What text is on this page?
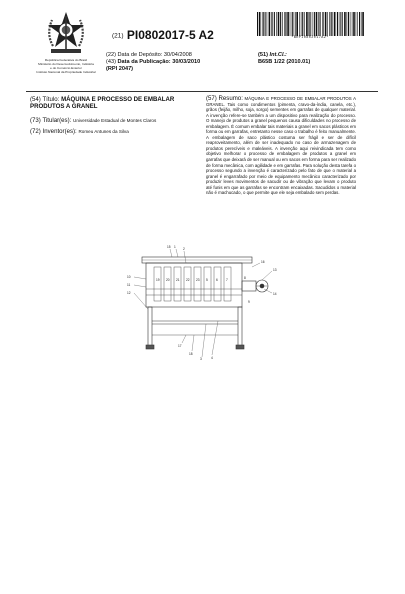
República Federativa do Brasil
Ministério do Desenvolvimento, Indústria
e do Comércio Exterior
Instituto Nacional da Propriedade Industrial
(21) PI0802017-5 A2	*BRPI0802017A2*
(22) Data de Depósito: 30/04/2008
(43) Data da Publicação: 30/03/2010
(RPI 2047)
(51) Int.Cl.:
B65B 1/22 (2010.01)
(54) Título: MÁQUINA E PROCESSO DE EMBALAR PRODUTOS A GRANEL
(73) Titular(es): Universidade Estadual de Montes Claros
(72) Inventor(es): Romeu Antunes da Silva
(57) Resumo: MÁQUINA E PROCESSO DE EMBALAR PRODUTOS A GRANEL. Tais como condimentos (pimenta, cravo-da-índia, canela, etc.), grãos (feijão, milho, soja, sorgo) sementes em garrafas de qualquer material. A invenção refere-se também a um dispositivo para realização do processo. O manejo de produtos a granel pequenos causa dificuldades no processo de embalagem. É comum embalar tais materiais a granel em sacos plásticos em forma ou em garrafas, entretanto nesse caso o trabalho é feito manualmente. A embalagem de saco plástico costuma ser frágil e ser de difícil reaproveitamento, além de ser inadequado no caso de armazenagem de produtos perecíveis e maleáveis. A invenção aqui reivindicada tem como objetivo melhorar o processo de embalagem de produtos a granel em garrafas que deixará de ser manual ou em sacos em forma para ser realizado de forma mecânica, com agilidade e em garrafas. Para solução desta tarefa o processo segundo a invenção é caracterizado pelo fato de que o material a granel é engarrafado por meio de equipamento mecânico caracterizado por produzir leves movimentos de sacudir ou de vibração que levam o produto até funis em que as garrafas se encontram encaixadas. Sacudidos o material não é machucado, o que permite que ele seja embalado sem perdas.
15 1 2
10
11
12
16
13
14
17
18
3	4
19 20 21 22 23 5	6	7	8
9
